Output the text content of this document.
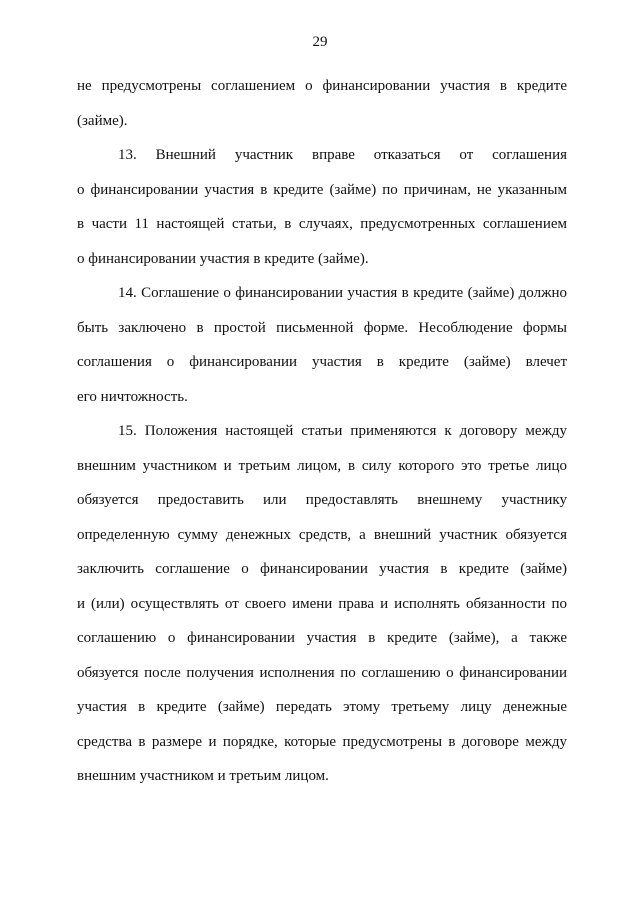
29
не предусмотрены соглашением о финансировании участия в кредите
(займе).
13. Внешний участник вправе отказаться от соглашения
о финансировании участия в кредите (займе) по причинам, не указанным
в части 11 настоящей статьи, в случаях, предусмотренных соглашением
о финансировании участия в кредите (займе).
14. Соглашение о финансировании участия в кредите (займе) должно
быть заключено в простой письменной форме. Несоблюдение формы
соглашения о финансировании участия в кредите (займе) влечет
его ничтожность.
15. Положения настоящей статьи применяются к договору между
внешним участником и третьим лицом, в силу которого это третье лицо
обязуется предоставить или предоставлять внешнему участнику
определенную сумму денежных средств, а внешний участник обязуется
заключить соглашение о финансировании участия в кредите (займе)
и (или) осуществлять от своего имени права и исполнять обязанности по
соглашению о финансировании участия в кредите (займе), а также
обязуется после получения исполнения по соглашению о финансировании
участия в кредите (займе) передать этому третьему лицу денежные
средства в размере и порядке, которые предусмотрены в договоре между
внешним участником и третьим лицом.
